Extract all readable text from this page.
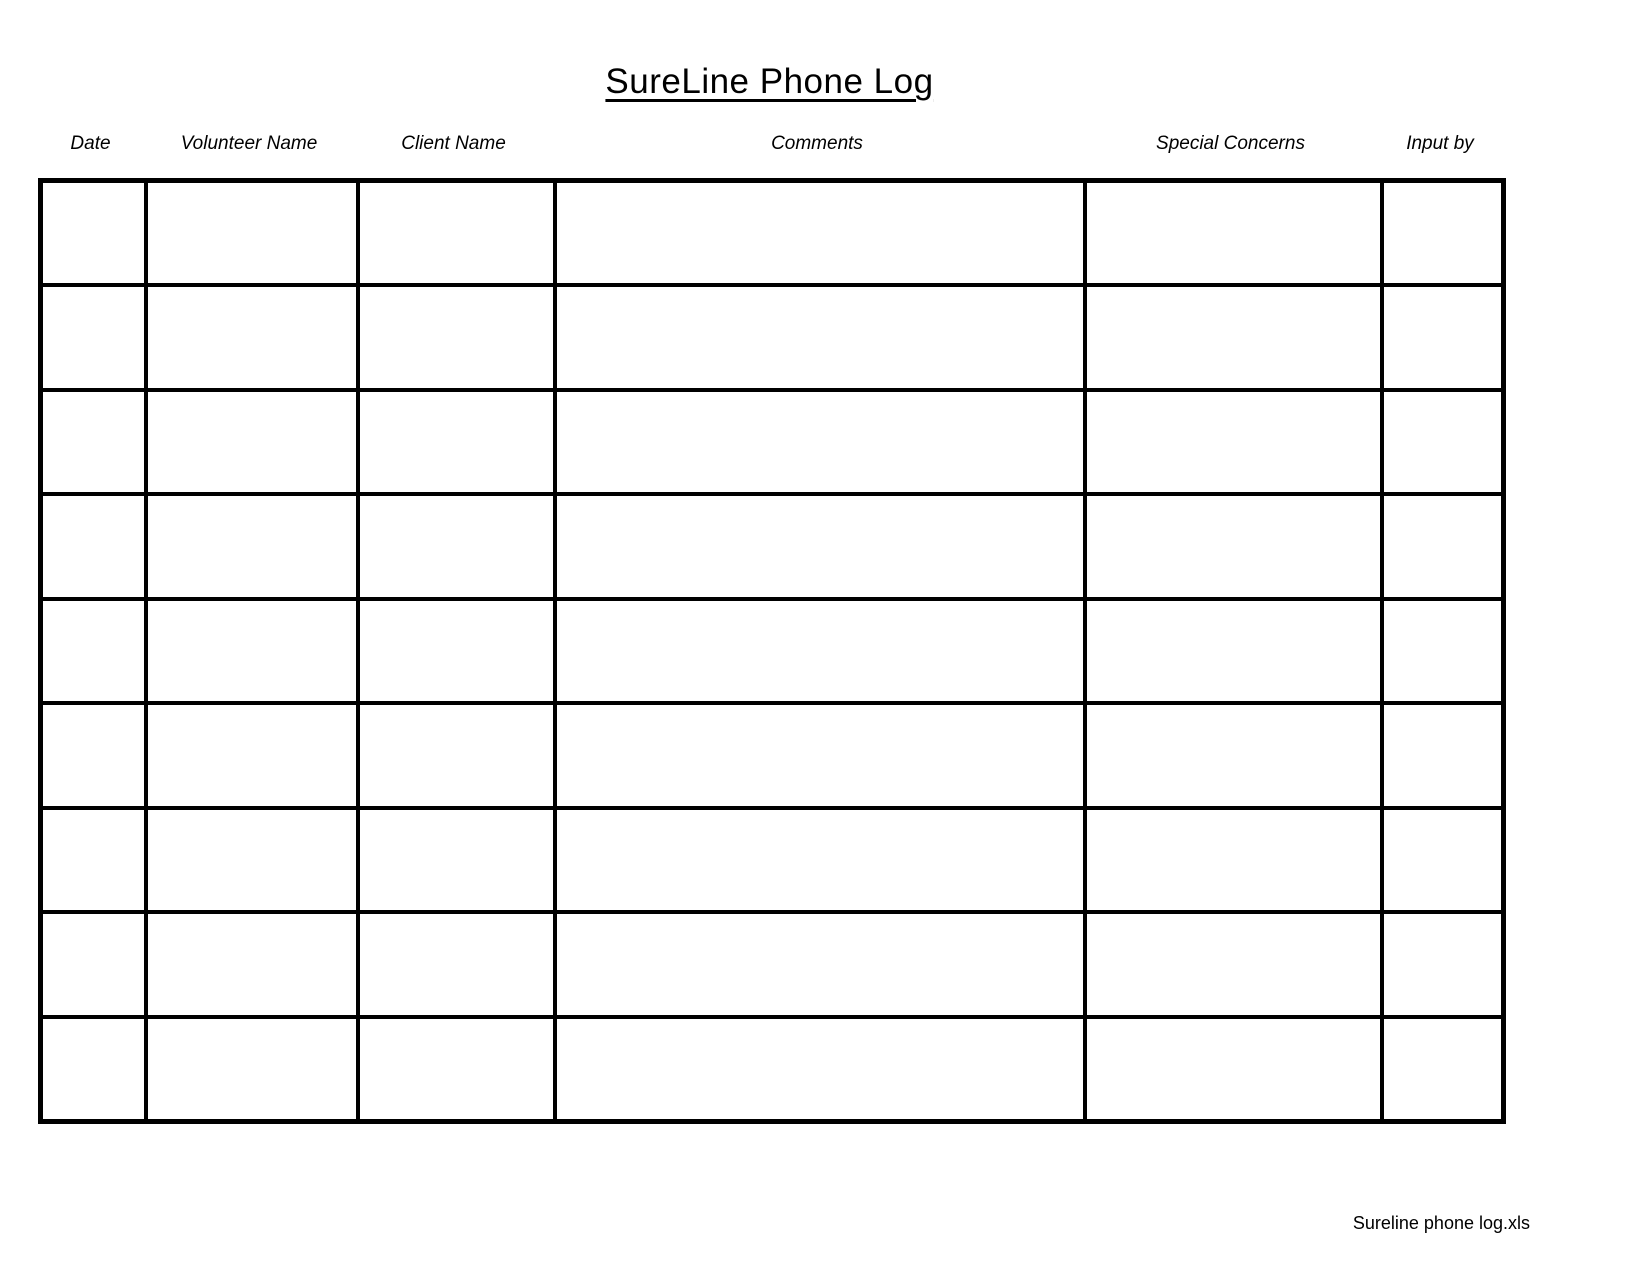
SureLine Phone Log
Date	Volunteer Name	Client Name	Comments	Special Concerns	Input by

Sureline phone log.xls
